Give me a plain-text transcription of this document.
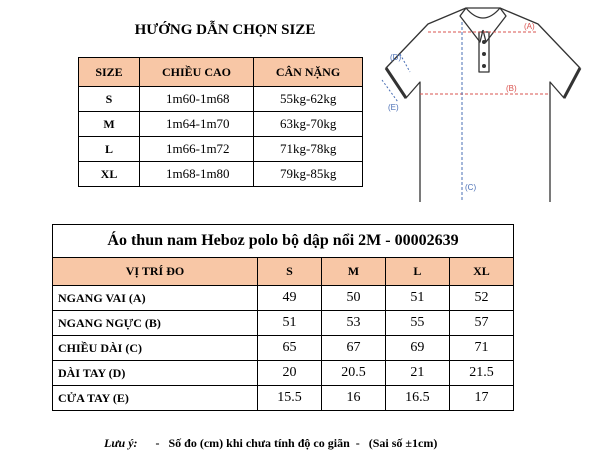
HƯỚNG DẪN CHỌN SIZE
SIZE	CHIỀU CAO	CÂN NẶNG
S	1m60-1m68	55kg-62kg
M	1m64-1m70	63kg-70kg
L	1m66-1m72	71kg-78kg
XL	1m68-1m80	79kg-85kg
(A)
(B)
(C)
(D)
(E)
Áo thun nam Heboz polo bộ dập nổi 2M - 00002639				
VỊ TRÍ ĐO	S	M	L	XL
NGANG VAI (A)	49	50	51	52
NGANG NGỰC (B)	51	53	55	57
CHIỀU DÀI (C)	65	67	69	71
DÀI TAY (D)	20	20.5	21	21.5
CỬA TAY (E)	15.5	16	16.5	17
Lưu ý: -   Số đo (cm) khi chưa tính độ co giãn  -   (Sai số ±1cm)
